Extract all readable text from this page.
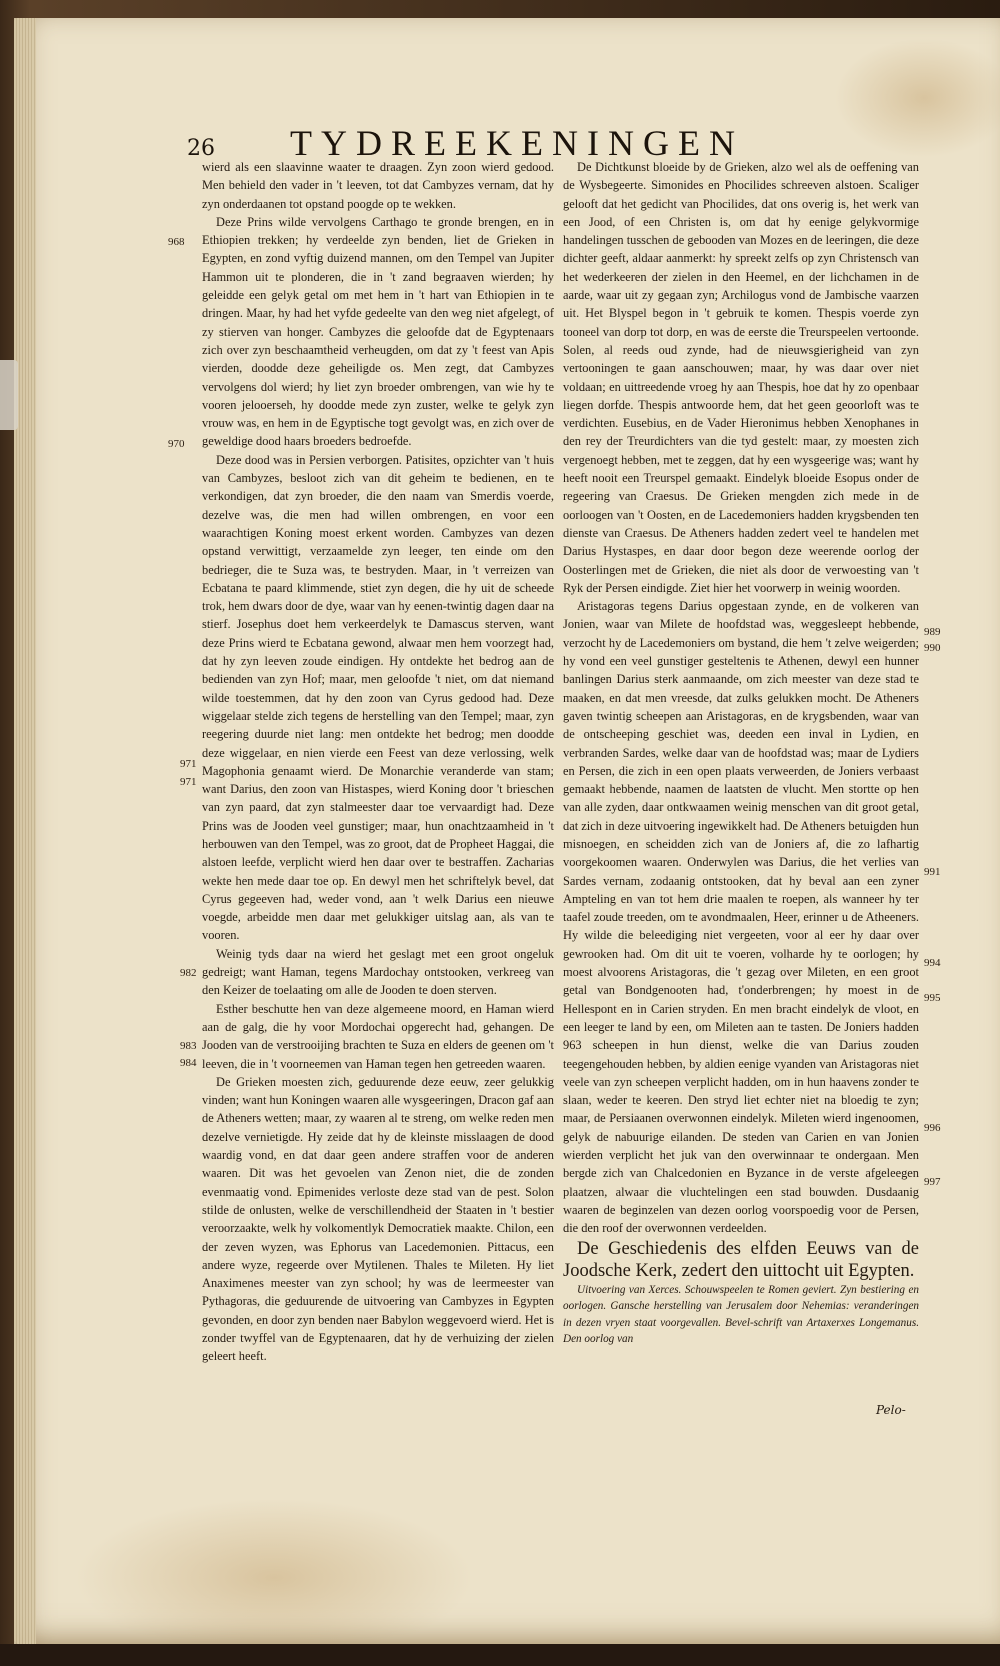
26 TYDREEKENINGEN
968
970
971
971
982
983
984
989
990
991
994
995
996
997

wierd als een slaavinne waater te draagen. Zyn zoon wierd gedood. Men behield den vader in 't leeven, tot dat Cambyzes vernam, dat hy zyn onderdaanen tot opstand poogde op te wekken.

Deze Prins wilde vervolgens Carthago te gronde brengen, en in Ethiopien trekken; hy verdeelde zyn benden, liet de Grieken in Egypten, en zond vyftig duizend mannen, om den Tempel van Jupiter Hammon uit te plonderen, die in 't zand begraaven wierden; hy geleidde een gelyk getal om met hem in 't hart van Ethiopien in te dringen. Maar, hy had het vyfde gedeelte van den weg niet afgelegt, of zy stierven van honger. Cambyzes die geloofde dat de Egyptenaars zich over zyn beschaamtheid verheugden, om dat zy 't feest van Apis vierden, doodde deze geheiligde os. Men zegt, dat Cambyzes vervolgens dol wierd; hy liet zyn broeder ombrengen, van wie hy te vooren jelooerseh, hy doodde mede zyn zuster, welke te gelyk zyn vrouw was, en hem in de Egyptische togt gevolgt was, en zich over de geweldige dood haars broeders bedroefde.

Deze dood was in Persien verborgen. Patisites, opzichter van 't huis van Cambyzes, besloot zich van dit geheim te bedienen, en te verkondigen, dat zyn broeder, die den naam van Smerdis voerde, dezelve was, die men had willen ombrengen, en voor een waarachtigen Koning moest erkent worden. Cambyzes van dezen opstand verwittigt, verzaamelde zyn leeger, ten einde om den bedrieger, die te Suza was, te bestryden. Maar, in 't verreizen van Ecbatana te paard klimmende, stiet zyn degen, die hy uit de scheede trok, hem dwars door de dye, waar van hy eenen-twintig dagen daar na stierf. Josephus doet hem verkeerdelyk te Damascus sterven, want deze Prins wierd te Ecbatana gewond, alwaar men hem voorzegt had, dat hy zyn leeven zoude eindigen. Hy ontdekte het bedrog aan de bedienden van zyn Hof; maar, men geloofde 't niet, om dat niemand wilde toestemmen, dat hy den zoon van Cyrus gedood had. Deze wiggelaar stelde zich tegens de herstelling van den Tempel; maar, zyn reegering duurde niet lang: men ontdekte het bedrog; men doodde deze wiggelaar, en nien vierde een Feest van deze verlossing, welk Magophonia genaamt wierd. De Monarchie veranderde van stam; want Darius, den zoon van Histaspes, wierd Koning door 't brieschen van zyn paard, dat zyn stalmeester daar toe vervaardigt had. Deze Prins was de Jooden veel gunstiger; maar, hun onachtzaamheid in 't herbouwen van den Tempel, was zo groot, dat de Propheet Haggai, die alstoen leefde, verplicht wierd hen daar over te bestraffen. Zacharias wekte hen mede daar toe op. En dewyl men het schriftelyk bevel, dat Cyrus gegeeven had, weder vond, aan 't welk Darius een nieuwe voegde, arbeidde men daar met gelukkiger uitslag aan, als van te vooren.

Weinig tyds daar na wierd het geslagt met een groot ongeluk gedreigt; want Haman, tegens Mardochay ontstooken, verkreeg van den Keizer de toelaating om alle de Jooden te doen sterven.

Esther beschutte hen van deze algemeene moord, en Haman wierd aan de galg, die hy voor Mordochai opgerecht had, gehangen. De Jooden van de verstrooijing brachten te Suza en elders de geenen om 't leeven, die in 't voorneemen van Haman tegen hen getreeden waaren.

De Grieken moesten zich, geduurende deze eeuw, zeer gelukkig vinden; want hun Koningen waaren alle wysgeeringen, Dracon gaf aan de Atheners wetten; maar, zy waaren al te streng, om welke reden men dezelve vernietigde. Hy zeide dat hy de kleinste misslaagen de dood waardig vond, en dat daar geen andere straffen voor de anderen waaren. Dit was het gevoelen van Zenon niet, die de zonden evenmaatig vond. Epimenides verloste deze stad van de pest. Solon stilde de onlusten, welke de verschillendheid der Staaten in 't bestier veroorzaakte, welk hy volkomentlyk Democratiek maakte. Chilon, een der zeven wyzen, was Ephorus van Lacedemonien. Pittacus, een andere wyze, regeerde over Mytilenen. Thales te Mileten. Hy liet Anaximenes meester van zyn school; hy was de leermeester van Pythagoras, die geduurende de uitvoering van Cambyzes in Egypten gevonden, en door zyn benden naer Babylon weggevoerd wierd. Het is zonder twyffel van de Egyptenaaren, dat hy de verhuizing der zielen geleert heeft.

De Dichtkunst bloeide by de Grieken, alzo wel als de oeffening van de Wysbegeerte. Simonides en Phocilides schreeven alstoen. Scaliger gelooft dat het gedicht van Phocilides, dat ons overig is, het werk van een Jood, of een Christen is, om dat hy eenige gelykvormige handelingen tusschen de gebooden van Mozes en de leeringen, die deze dichter geeft, aldaar aanmerkt: hy spreekt zelfs op zyn Christensch van het wederkeeren der zielen in den Heemel, en der lichchamen in de aarde, waar uit zy gegaan zyn; Archilogus vond de Jambische vaarzen uit. Het Blyspel begon in 't gebruik te komen. Thespis voerde zyn tooneel van dorp tot dorp, en was de eerste die Treurspeelen vertoonde. Solen, al reeds oud zynde, had de nieuwsgierigheid van zyn vertooningen te gaan aanschouwen; maar, hy was daar over niet voldaan; en uittreedende vroeg hy aan Thespis, hoe dat hy zo openbaar liegen dorfde. Thespis antwoorde hem, dat het geen geoorloft was te verdichten. Eusebius, en de Vader Hieronimus hebben Xenophanes in den rey der Treurdichters van die tyd gestelt: maar, zy moesten zich vergenoegt hebben, met te zeggen, dat hy een wysgeerige was; want hy heeft nooit een Treurspel gemaakt. Eindelyk bloeide Esopus onder de regeering van Craesus. De Grieken mengden zich mede in de oorloogen van 't Oosten, en de Lacedemoniers hadden krygsbenden ten dienste van Craesus. De Atheners hadden zedert veel te handelen met Darius Hystaspes, en daar door begon deze weerende oorlog der Oosterlingen met de Grieken, die niet als door de verwoesting van 't Ryk der Persen eindigde. Ziet hier het voorwerp in weinig woorden.

Aristagoras tegens Darius opgestaan zynde, en de volkeren van Jonien, waar van Milete de hoofdstad was, weggesleept hebbende, verzocht hy de Lacedemoniers om bystand, die hem 't zelve weigerden; hy vond een veel gunstiger gesteltenis te Athenen, dewyl een hunner banlingen Darius sterk aanmaande, om zich meester van deze stad te maaken, en dat men vreesde, dat zulks gelukken mocht. De Atheners gaven twintig scheepen aan Aristagoras, en de krygsbenden, waar van de ontscheeping geschiet was, deeden een inval in Lydien, en verbranden Sardes, welke daar van de hoofdstad was; maar de Lydiers en Persen, die zich in een open plaats verweerden, de Joniers verbaast gemaakt hebbende, naamen de laatsten de vlucht. Men stortte op hen van alle zyden, daar ontkwaamen weinig menschen van dit groot getal, dat zich in deze uitvoering ingewikkelt had. De Atheners betuigden hun misnoegen, en scheidden zich van de Joniers af, die zo lafhartig voorgekoomen waaren. Onderwylen was Darius, die het verlies van Sardes vernam, zodaanig ontstooken, dat hy beval aan een zyner Ampteling en van tot hem drie maalen te roepen, als wanneer hy ter taafel zoude treeden, om te avondmaalen, Heer, erinner u de Atheeners. Hy wilde die beleediging niet vergeeten, voor al eer hy daar over gewrooken had. Om dit uit te voeren, volharde hy te oorlogen; hy moest alvoorens Aristagoras, die 't gezag over Mileten, en een groot getal van Bondgenooten had, t'onderbrengen; hy moest in de Hellespont en in Carien stryden. En men bracht eindelyk de vloot, en een leeger te land by een, om Mileten aan te tasten. De Joniers hadden 963 scheepen in hun dienst, welke die van Darius zouden teegengehouden hebben, by aldien eenige vyanden van Aristagoras niet veele van zyn scheepen verplicht hadden, om in hun haavens zonder te slaan, weder te keeren. Den stryd liet echter niet na bloedig te zyn; maar, de Persiaanen overwonnen eindelyk. Mileten wierd ingenoomen, gelyk de nabuurige eilanden. De steden van Carien en van Jonien wierden verplicht het juk van den overwinnaar te ondergaan. Men bergde zich van Chalcedonien en Byzance in de verste afgeleegen plaatzen, alwaar die vluchtelingen een stad bouwden. Dusdaanig waaren de beginzelen van dezen oorlog voorspoedig voor de Persen, die den roof der overwonnen verdeelden.

De Geschiedenis des elfden Eeuws van de Joodsche Kerk, zedert den uittocht uit Egypten.

Uitvoering van Xerces. Schouwspeelen te Romen geviert. Zyn bestiering en oorlogen. Gansche herstelling van Jerusalem door Nehemias: veranderingen in dezen vryen staat voorgevallen. Bevel-schrift van Artaxerxes Longemanus. Den oorlog van

Pelo-
